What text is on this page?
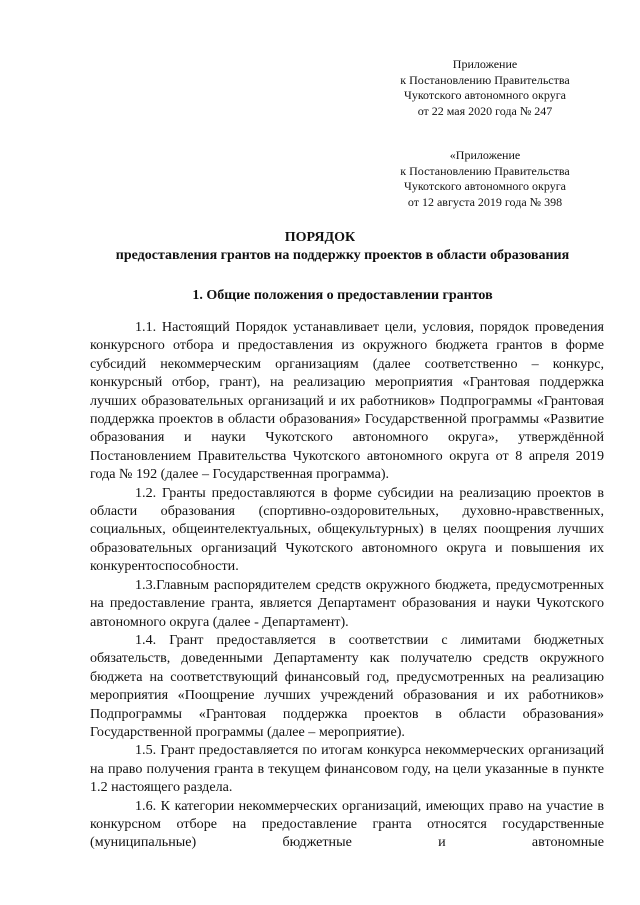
Приложение
к Постановлению Правительства
Чукотского автономного округа
от 22 мая 2020 года № 247
«Приложение
к Постановлению Правительства
Чукотского автономного округа
от 12 августа 2019 года № 398
ПОРЯДОК
предоставления грантов на поддержку проектов в области образования
1. Общие положения о предоставлении грантов

1.1. Настоящий Порядок устанавливает цели, условия, порядок проведения конкурсного отбора и предоставления из окружного бюджета грантов в форме субсидий некоммерческим организациям (далее соответственно – конкурс, конкурсный отбор, грант), на реализацию мероприятия «Грантовая поддержка лучших образовательных организаций и их работников» Подпрограммы «Грантовая поддержка проектов в области образования» Государственной программы «Развитие образования и науки Чукотского автономного округа», утверждённой Постановлением Правительства Чукотского автономного округа от 8 апреля 2019 года № 192 (далее – Государственная программа).

1.2. Гранты предоставляются в форме субсидии на реализацию проектов в области образования (спортивно-оздоровительных, духовно-нравственных, социальных, общеинтелектуальных, общекультурных) в целях поощрения лучших образовательных организаций Чукотского автономного округа и повышения их конкурентоспособности.

1.3.Главным распорядителем средств окружного бюджета, предусмотренных на предоставление гранта, является Департамент образования и науки Чукотского автономного округа (далее - Департамент).

1.4. Грант предоставляется в соответствии с лимитами бюджетных обязательств, доведенными Департаменту как получателю средств окружного бюджета на соответствующий финансовый год, предусмотренных на реализацию мероприятия «Поощрение лучших учреждений образования и их работников» Подпрограммы «Грантовая поддержка проектов в области образования» Государственной программы (далее – мероприятие).

1.5. Грант предоставляется по итогам конкурса некоммерческих организаций на право получения гранта в текущем финансовом году, на цели указанные в пункте 1.2 настоящего раздела.

1.6. К категории некоммерческих организаций, имеющих право на участие в конкурсном отборе на предоставление гранта относятся государственные (муниципальные) бюджетные и автономные
